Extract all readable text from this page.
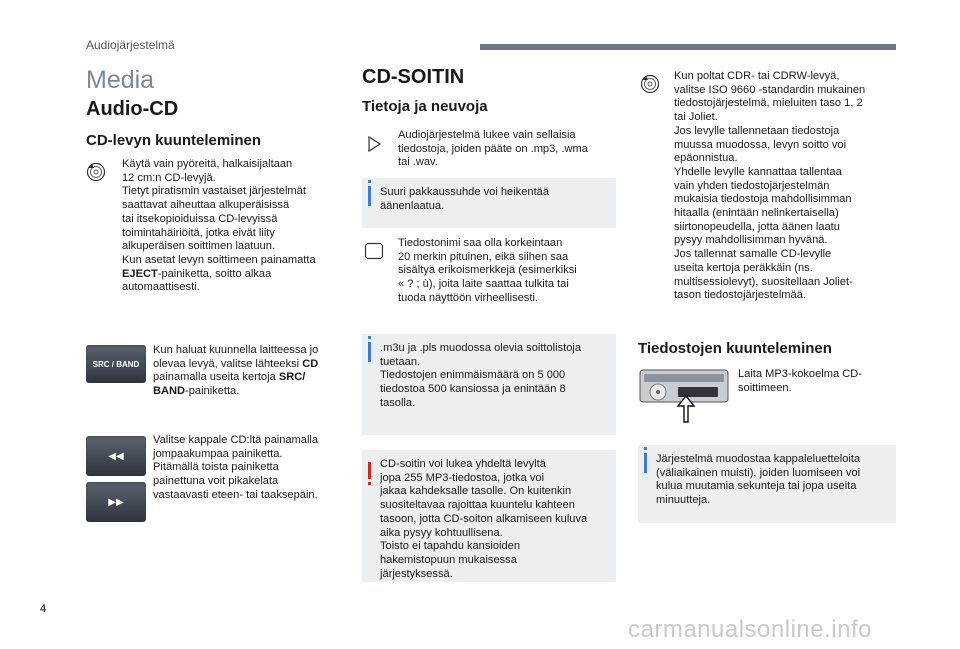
Audiojärjestelmä
Media
Audio-CD
CD-levyn kuunteleminen
Käytä vain pyöreitä, halkaisijaltaan
12 cm:n CD-levyjä.
Tietyt piratismin vastaiset järjestelmät
saattavat aiheuttaa alkuperäisissä
tai itsekopioiduissa CD-levyissä
toimintahäiriöitä, jotka eivät liity
alkuperäisen soittimen laatuun.
Kun asetat levyn soittimeen painamatta
EJECT-painiketta, soitto alkaa
automaattisesti.
SRC / BAND
Kun haluat kuunnella laitteessa jo
olevaa levyä, valitse lähteeksi CD
painamalla useita kertoja SRC/
BAND-painiketta.
◀◀
▶▶
Valitse kappale CD:ltä painamalla
jompaakumpaa painiketta.
Pitämällä toista painiketta
painettuna voit pikakelata
vastaavasti eteen- tai taaksepäin.
CD-SOITIN
Tietoja ja neuvoja
Audiojärjestelmä lukee vain sellaisia
tiedostoja, joiden pääte on .mp3, .wma
tai .wav.
Suuri pakkaussuhde voi heikentää
äänenlaatua.
Tiedostonimi saa olla korkeintaan
20 merkin pituinen, eikä siihen saa
sisältyä erikoismerkkejä (esimerkiksi
« ? ; ù), joita laite saattaa tulkita tai
tuoda näyttöön virheellisesti.
.m3u ja .pls muodossa olevia soittolistoja
tuetaan.
Tiedostojen enimmäismäärä on 5 000
tiedostoa 500 kansiossa ja enintään 8
tasolla.
CD-soitin voi lukea yhdeltä levyltä
jopa 255 MP3-tiedostoa, jotka voi
jakaa kahdeksalle tasolle. On kuitenkin
suositeltavaa rajoittaa kuuntelu kahteen
tasoon, jotta CD-soiton alkamiseen kuluva
aika pysyy kohtuullisena.
Toisto ei tapahdu kansioiden
hakemistopuun mukaisessa
järjestyksessä.
Kun poltat CDR- tai CDRW-levyä,
valitse ISO 9660 -standardin mukainen
tiedostojärjestelmä, mieluiten taso 1, 2
tai Joliet.
Jos levylle tallennetaan tiedostoja
muussa muodossa, levyn soitto voi
epäonnistua.
Yhdelle levylle kannattaa tallentaa
vain yhden tiedostojärjestelmän
mukaisia tiedostoja mahdollisimman
hitaalla (enintään nelinkertaisella)
siirtonopeudella, jotta äänen laatu
pysyy mahdollisimman hyvänä.
Jos tallennat samalle CD-levylle
useita kertoja peräkkäin (ns.
multisessiolevyt), suositellaan Joliet-
tason tiedostojärjestelmää.
Tiedostojen kuunteleminen
Laita MP3-kokoelma CD-
soittimeen.
Järjestelmä muodostaa kappaleluetteloita
(väliaikainen muisti), joiden luomiseen voi
kulua muutamia sekunteja tai jopa useita
minuutteja.
4
carmanualsonline.info
